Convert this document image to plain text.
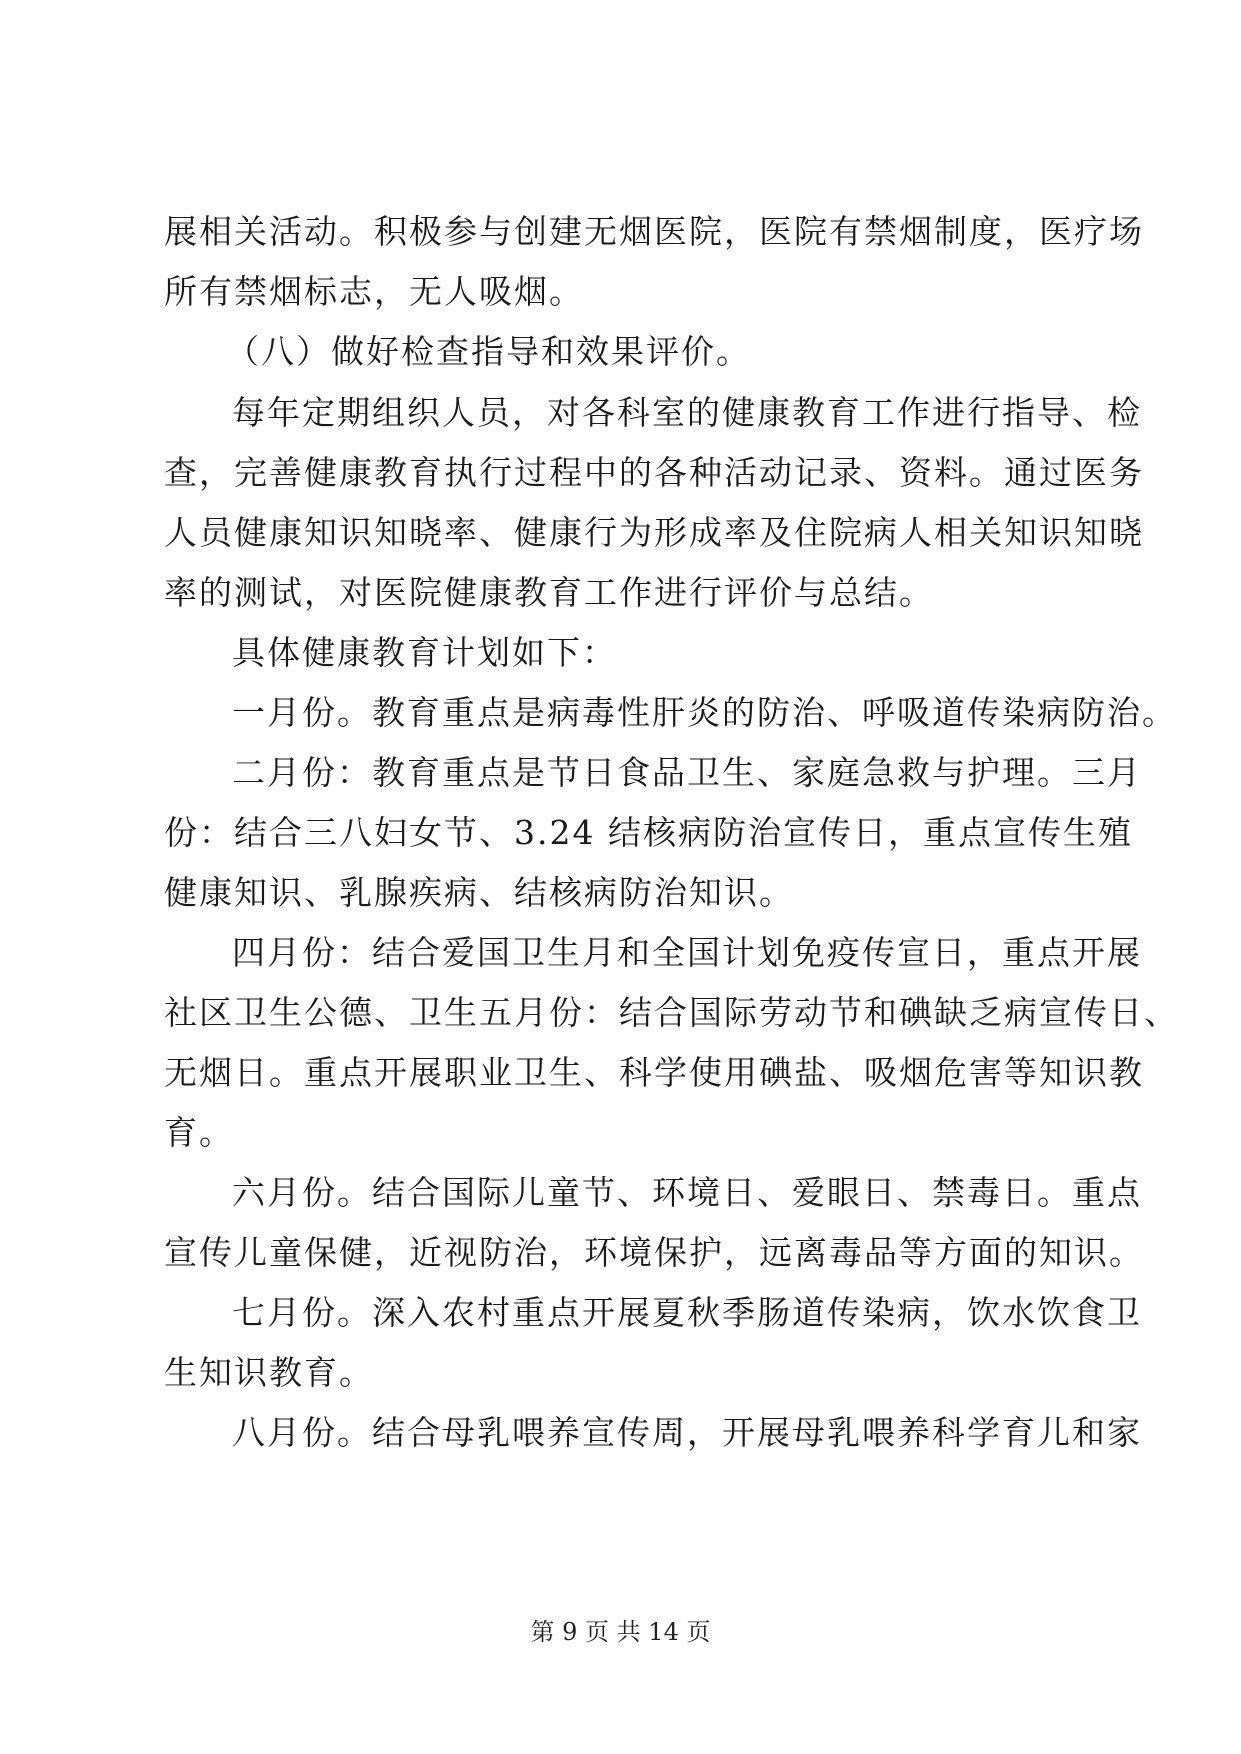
展相关活动。积极参与创建无烟医院，医院有禁烟制度，医疗场
所有禁烟标志，无人吸烟。
（八）做好检查指导和效果评价。
每年定期组织人员，对各科室的健康教育工作进行指导、检
查，完善健康教育执行过程中的各种活动记录、资料。通过医务
人员健康知识知晓率、健康行为形成率及住院病人相关知识知晓
率的测试，对医院健康教育工作进行评价与总结。
具体健康教育计划如下：
一月份。教育重点是病毒性肝炎的防治、呼吸道传染病防治。
二月份：教育重点是节日食品卫生、家庭急救与护理。三月
份：结合三八妇女节、3.24 结核病防治宣传日，重点宣传生殖
健康知识、乳腺疾病、结核病防治知识。
四月份：结合爱国卫生月和全国计划免疫传宣日，重点开展
社区卫生公德、卫生五月份：结合国际劳动节和碘缺乏病宣传日、
无烟日。重点开展职业卫生、科学使用碘盐、吸烟危害等知识教
育。
六月份。结合国际儿童节、环境日、爱眼日、禁毒日。重点
宣传儿童保健，近视防治，环境保护，远离毒品等方面的知识。
七月份。深入农村重点开展夏秋季肠道传染病，饮水饮食卫
生知识教育。
八月份。结合母乳喂养宣传周，开展母乳喂养科学育儿和家
第 9 页 共 14 页
